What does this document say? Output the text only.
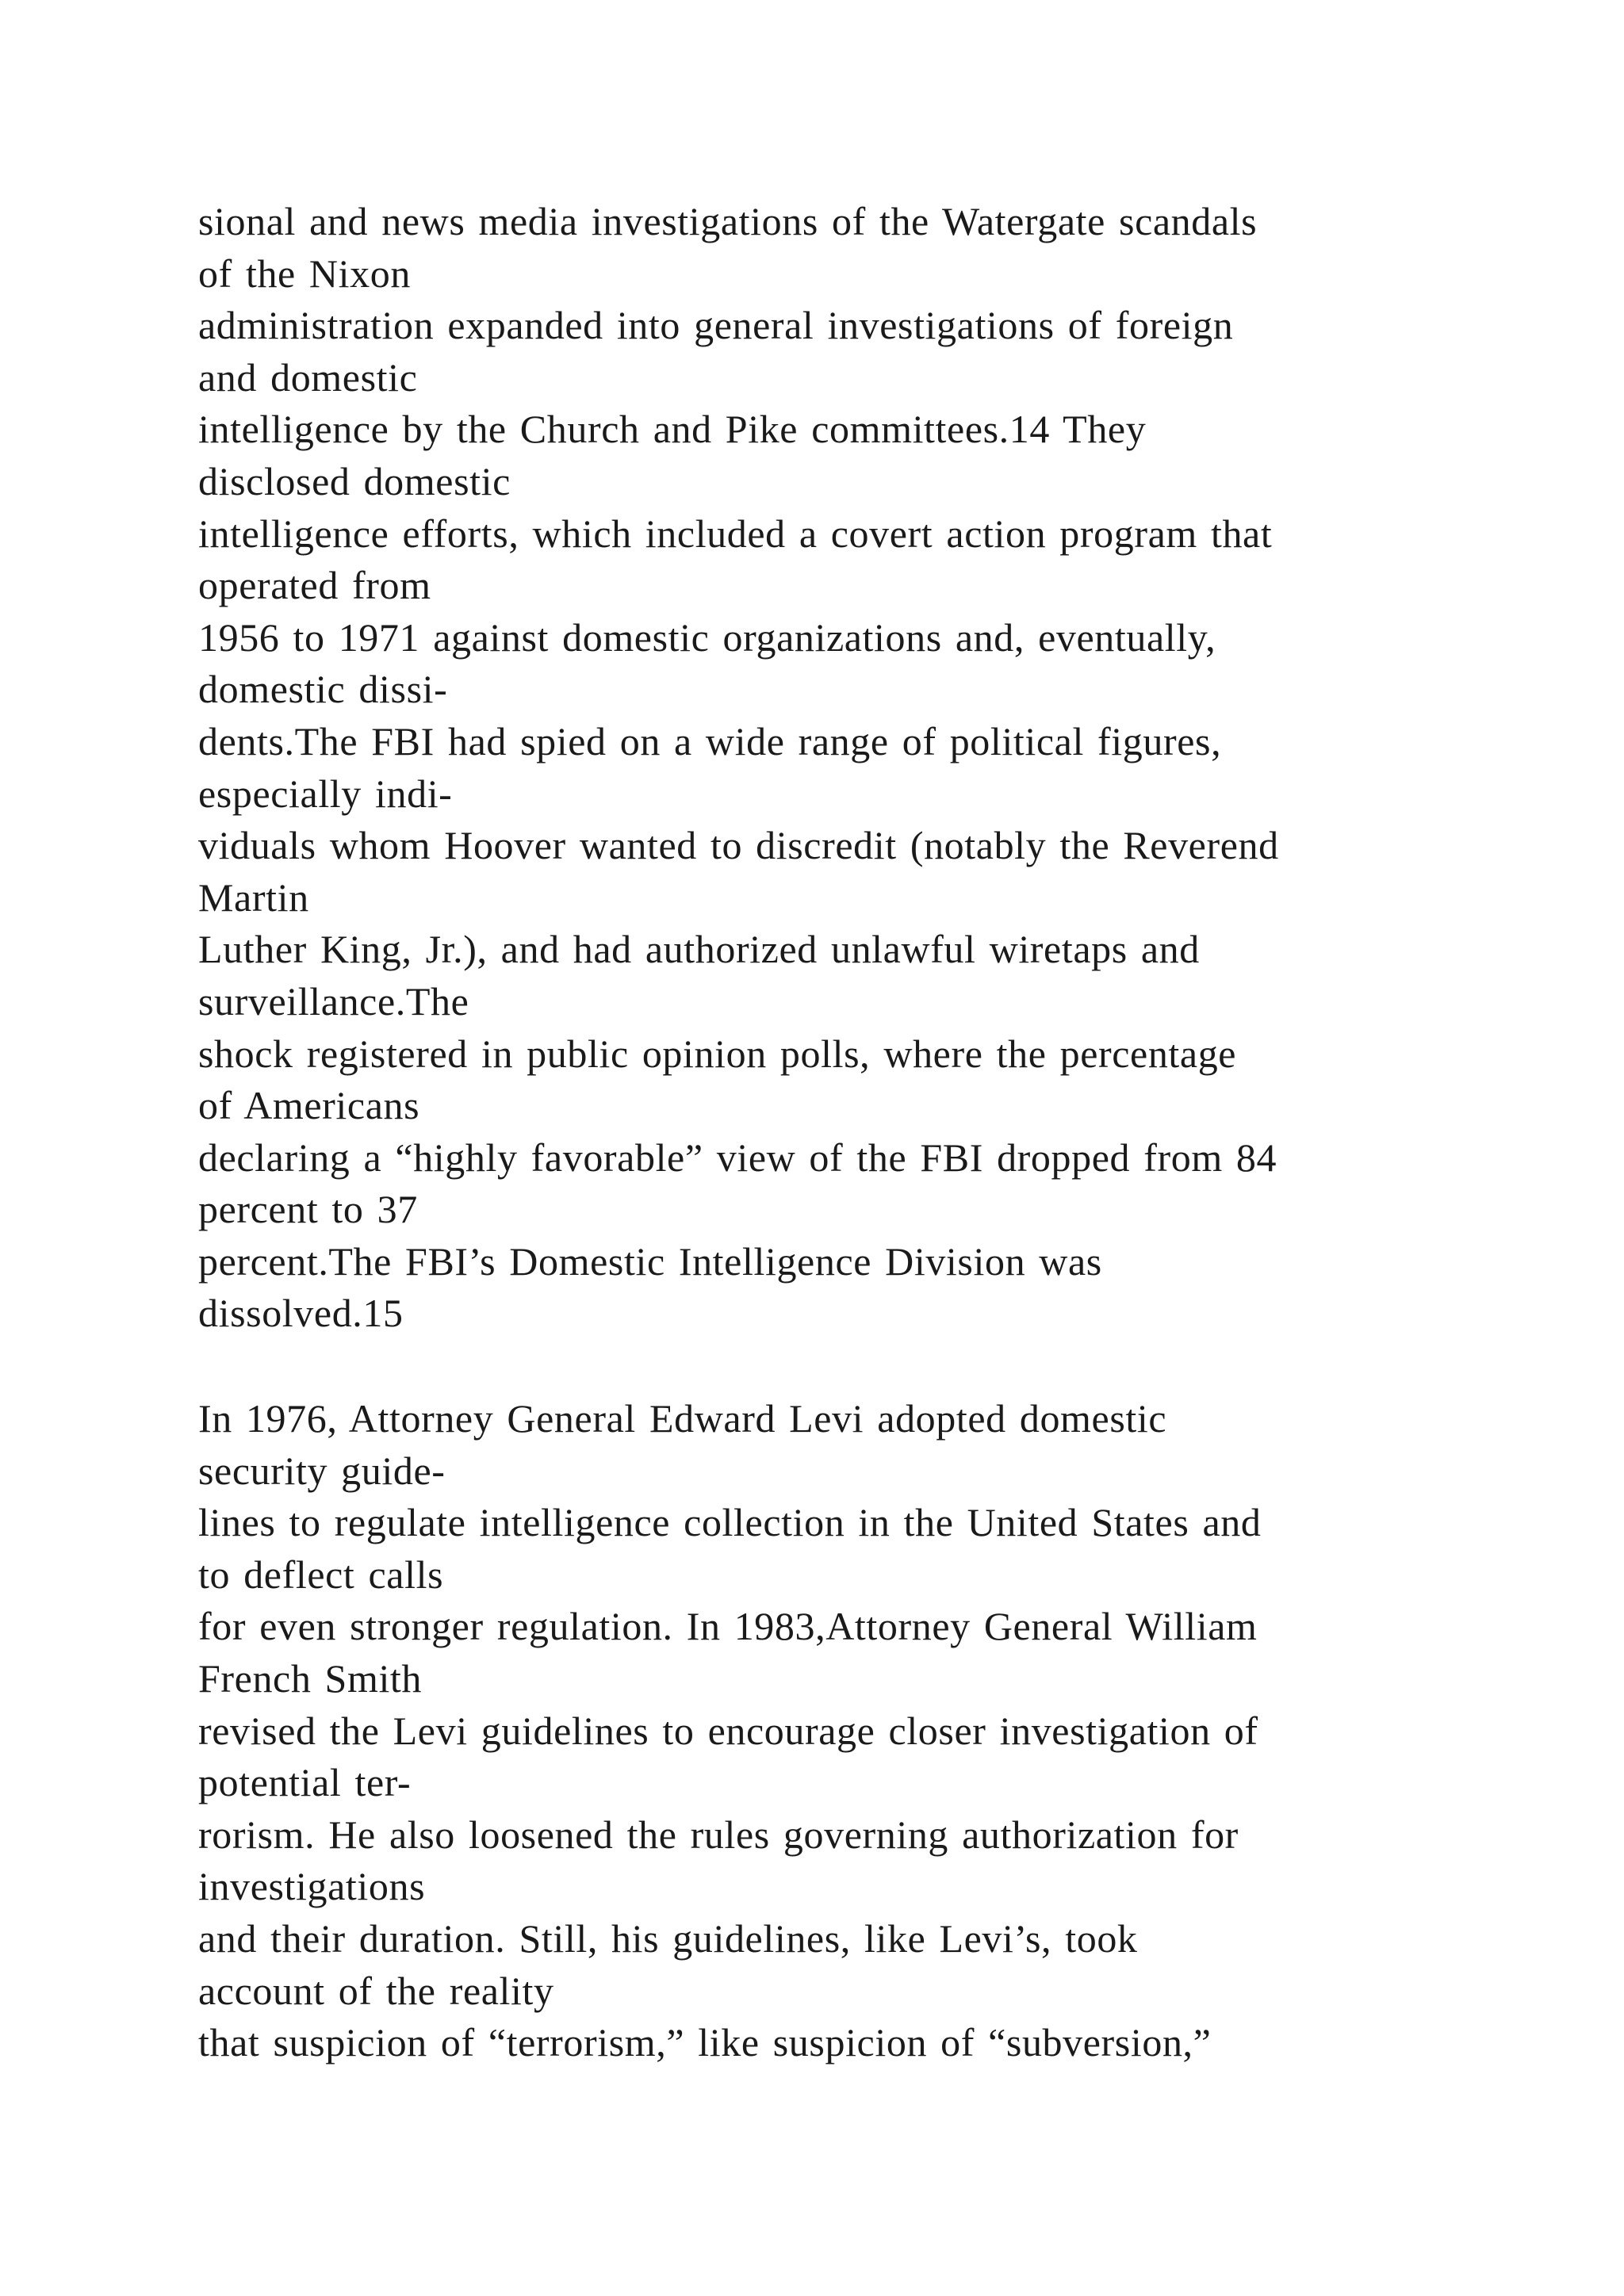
sional and news media investigations of the Watergate scandals
of the Nixon
administration expanded into general investigations of foreign
and domestic
intelligence by the Church and Pike committees.14 They
disclosed domestic
intelligence efforts, which included a covert action program that
operated from
1956 to 1971 against domestic organizations and, eventually,
domestic dissi-
dents.The FBI had spied on a wide range of political figures,
especially indi-
viduals whom Hoover wanted to discredit (notably the Reverend
Martin
Luther King, Jr.), and had authorized unlawful wiretaps and
surveillance.The
shock registered in public opinion polls, where the percentage
of Americans
declaring a “highly favorable” view of the FBI dropped from 84
percent to 37
percent.The FBI’s Domestic Intelligence Division was
dissolved.15
In 1976, Attorney General Edward Levi adopted domestic
security guide-
lines to regulate intelligence collection in the United States and
to deflect calls
for even stronger regulation. In 1983,Attorney General William
French Smith
revised the Levi guidelines to encourage closer investigation of
potential ter-
rorism. He also loosened the rules governing authorization for
investigations
and their duration. Still, his guidelines, like Levi’s, took
account of the reality
that suspicion of “terrorism,” like suspicion of “subversion,”
